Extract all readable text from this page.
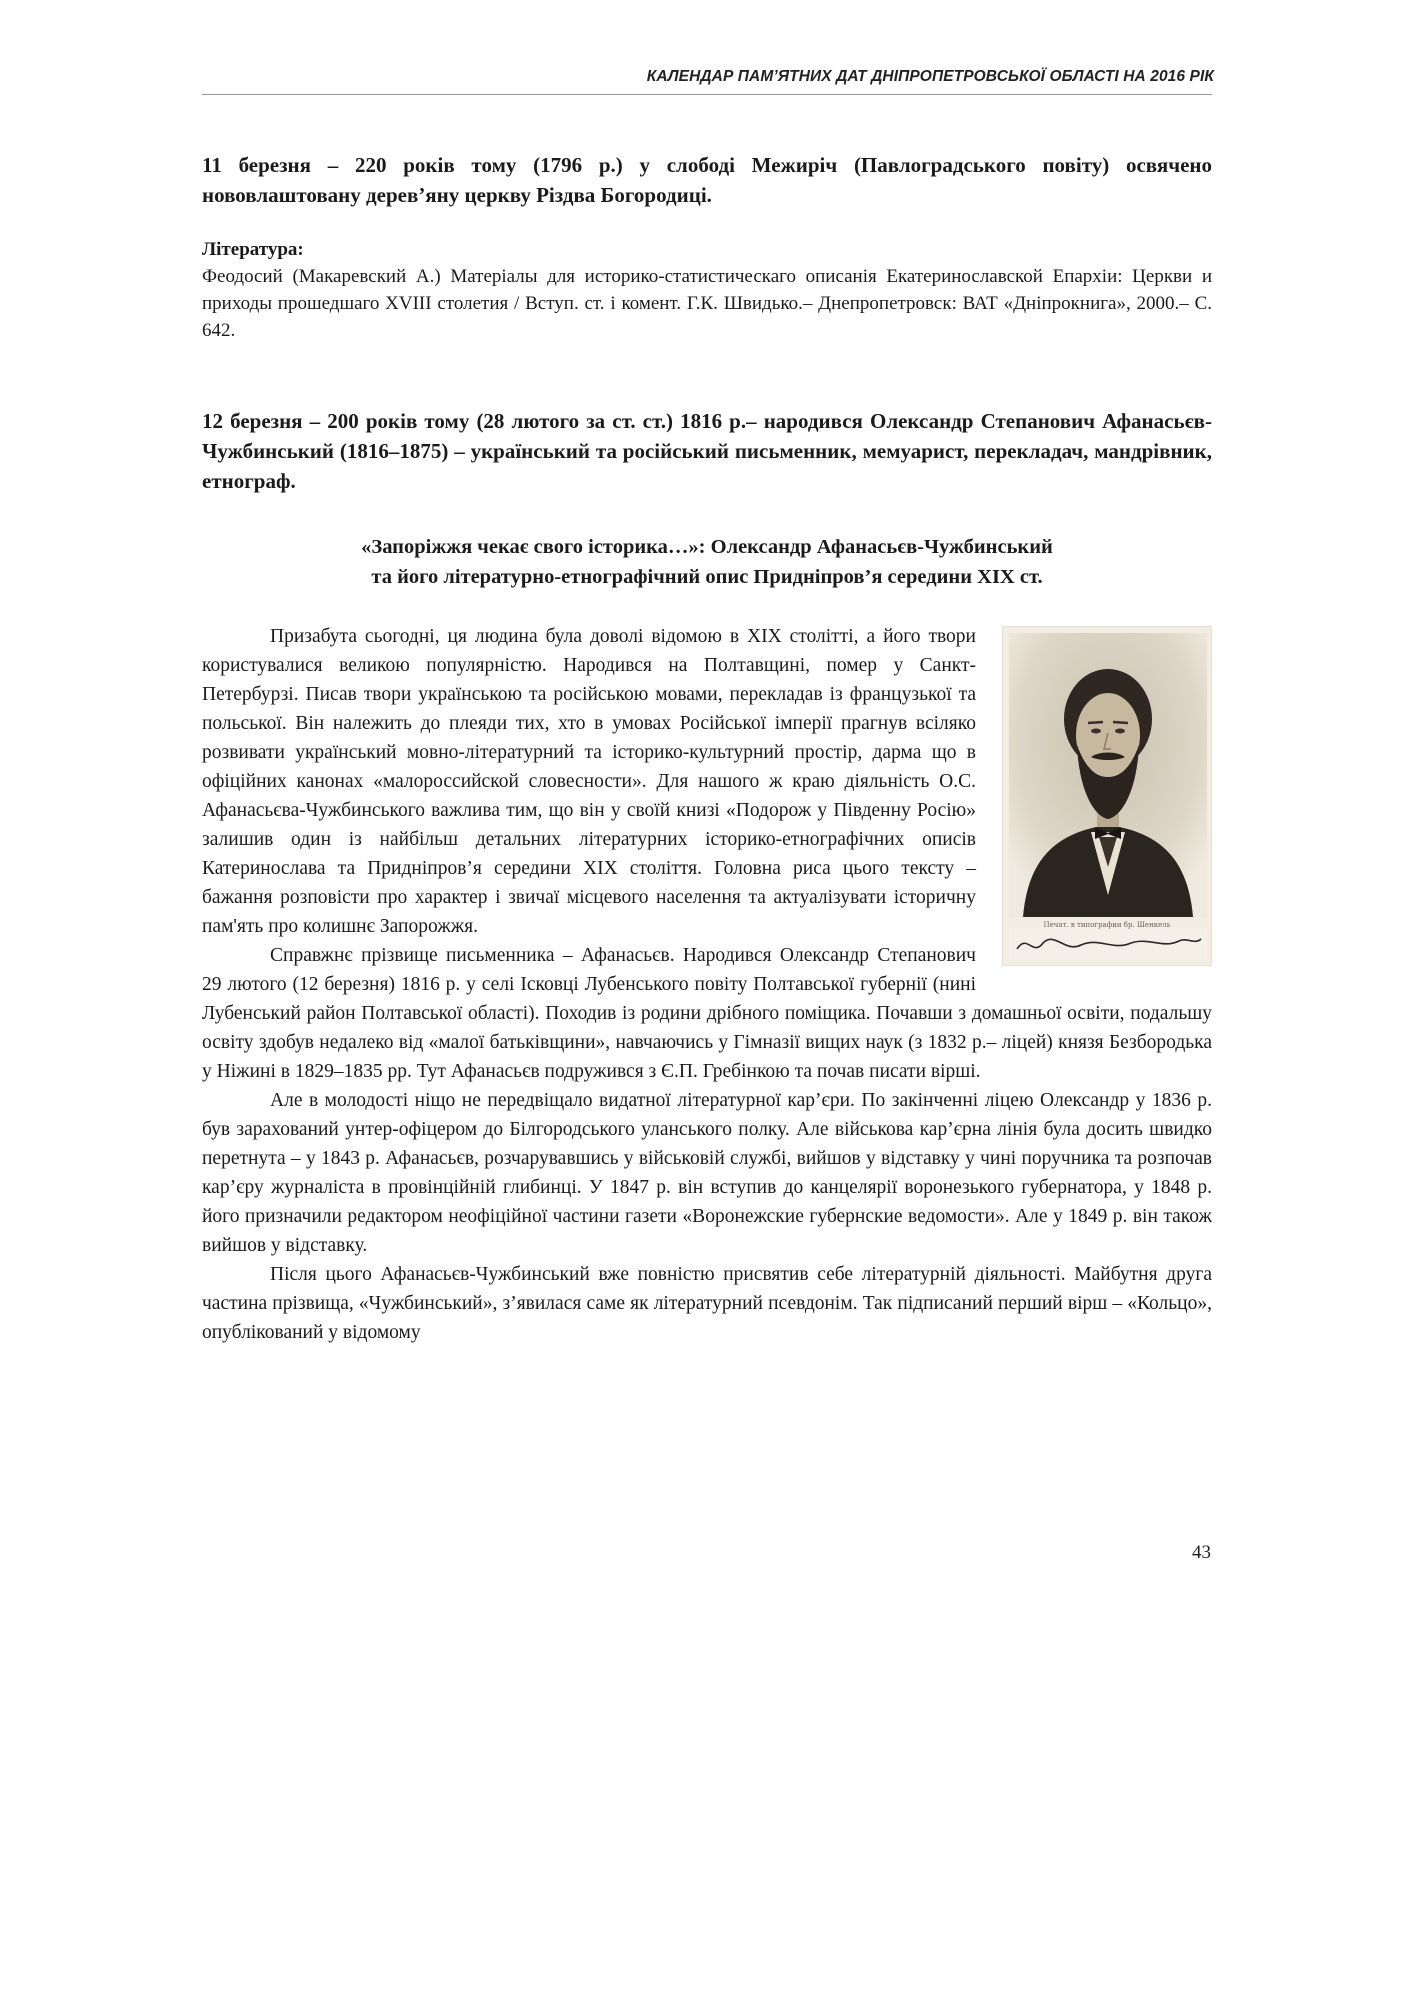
КАЛЕНДАР ПАМ’ЯТНИХ ДАТ ДНІПРОПЕТРОВСЬКОЇ ОБЛАСТІ НА 2016 РІК

11 березня – 220 років тому (1796 р.) у слободі Межиріч (Павлоградського повіту) освячено нововлаштовану дерев’яну церкву Різдва Богородиці.

Література:
Феодосий (Макаревский А.) Матеріалы для историко-статистическаго описанія Екатеринославской Епархіи: Церкви и приходы прошедшаго XVIII столетия / Вступ. ст. і комент. Г.К. Швидько.– Днепропетровск: ВАТ «Дніпрокнига», 2000.– С. 642.

12 березня – 200 років тому (28 лютого за ст. ст.) 1816 р.– народився Олександр Степанович Афанасьєв-Чужбинський (1816–1875) – український та російський письменник, мемуарист, перекладач, мандрівник, етнограф.

«Запоріжжя чекає свого історика…»: Олександр Афанасьєв-Чужбинський
та його літературно-етнографічний опис Придніпров’я середини ХІХ ст.
Печат. в типографии бр. Шенкель

Призабута сьогодні, ця людина була доволі відомою в ХІХ столітті, а його твори користувалися великою популярністю. Народився на Полтавщині, помер у Санкт-Петербурзі. Писав твори українською та російською мовами, перекладав із французької та польської. Він належить до плеяди тих, хто в умовах Російської імперії прагнув всіляко розвивати український мовно-літературний та історико-культурний простір, дарма що в офіційних канонах «малороссийской словесности». Для нашого ж краю діяльність О.С. Афанасьєва-Чужбинського важлива тим, що він у своїй книзі «Подорож у Південну Росію» залишив один із найбільш детальних літературних історико-етнографічних описів Катеринослава та Придніпров’я середини ХІХ століття. Головна риса цього тексту – бажання розповісти про характер і звичаї місцевого населення та актуалізувати історичну пам'ять про колишнє Запорожжя.

Справжнє прізвище письменника – Афанасьєв. Народився Олександр Степанович 29 лютого (12 березня) 1816 р. у селі Ісковці Лубенського повіту Полтавської губернії (нині Лубенський район Полтавської області). Походив із родини дрібного поміщика. Почавши з домашньої освіти, подальшу освіту здобув недалеко від «малої батьківщини», навчаючись у Гімназії вищих наук (з 1832 р.– ліцей) князя Безбородька у Ніжині в 1829–1835 рр. Тут Афанасьєв подружився з Є.П. Гребінкою та почав писати вірші.

Але в молодості ніщо не передвіщало видатної літературної кар’єри. По закінченні ліцею Олександр у 1836 р. був зарахований унтер-офіцером до Білгородського уланського полку. Але військова кар’єрна лінія була досить швидко перетнута – у 1843 р. Афанасьєв, розчарувавшись у військовій службі, вийшов у відставку у чині поручника та розпочав кар’єру журналіста в провінційній глибинці. У 1847 р. він вступив до канцелярії воронезького губернатора, у 1848 р. його призначили редактором неофіційної частини газети «Воронежские губернские ведомости». Але у 1849 р. він також вийшов у відставку.

Після цього Афанасьєв-Чужбинський вже повністю присвятив себе літературній діяльності. Майбутня друга частина прізвища, «Чужбинський», з’явилася саме як літературний псевдонім. Так підписаний перший вірш – «Кольцо», опублікований у відомому

43
